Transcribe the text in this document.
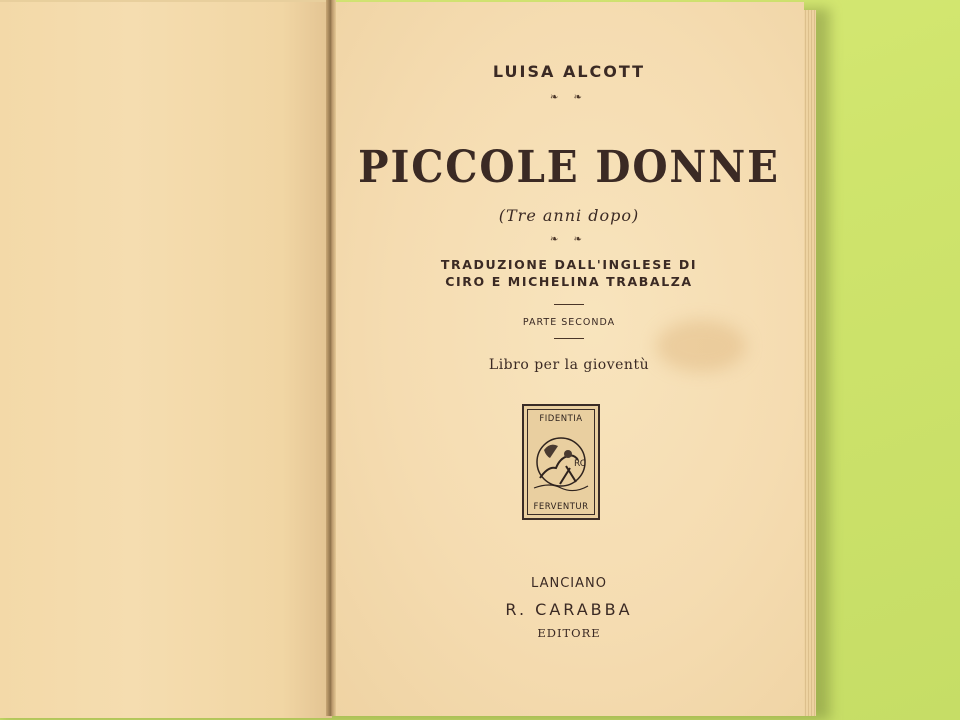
LUISA ALCOTT
❧ ❧
PICCOLE DONNE
(Tre anni dopo)
❧ ❧
TRADUZIONE DALL'INGLESE DI
CIRO E MICHELINA TRABALZA
PARTE SECONDA
Libro per la gioventù
FIDENTIA
RC
FERVENTUR
LANCIANO
R. CARABBA
EDITORE
